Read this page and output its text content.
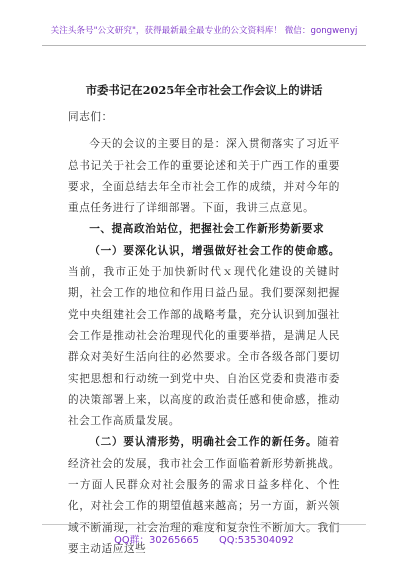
关注头条号"公文研究"，获得最新最全最专业的公文资料库！ 微信：gongwenyj
市委书记在2025年全市社会工作会议上的讲话

同志们：

今天的会议的主要目的是：深入贯彻落实了习近平总书记关于社会工作的重要论述和关于广西工作的重要要求，全面总结去年全市社会工作的成绩，并对今年的重点任务进行了详细部署。下面，我讲三点意见。

一、提高政治站位，把握社会工作新形势新要求

（一）要深化认识，增强做好社会工作的使命感。当前，我市正处于加快新时代ｘ现代化建设的关键时期，社会工作的地位和作用日益凸显。我们要深刻把握党中央组建社会工作部的战略考量，充分认识到加强社会工作是推动社会治理现代化的重要举措，是满足人民群众对美好生活向往的必然要求。全市各级各部门要切实把思想和行动统一到党中央、自治区党委和贵港市委的决策部署上来，以高度的政治责任感和使命感，推动社会工作高质量发展。

（二）要认清形势，明确社会工作的新任务。随着经济社会的发展，我市社会工作面临着新形势新挑战。一方面人民群众对社会服务的需求日益多样化、个性化，对社会工作的期望值越来越高；另一方面，新兴领域不断涌现，社会治理的难度和复杂性不断加大。我们要主动适应这些

QQ群：30265665 QQ:535304092
